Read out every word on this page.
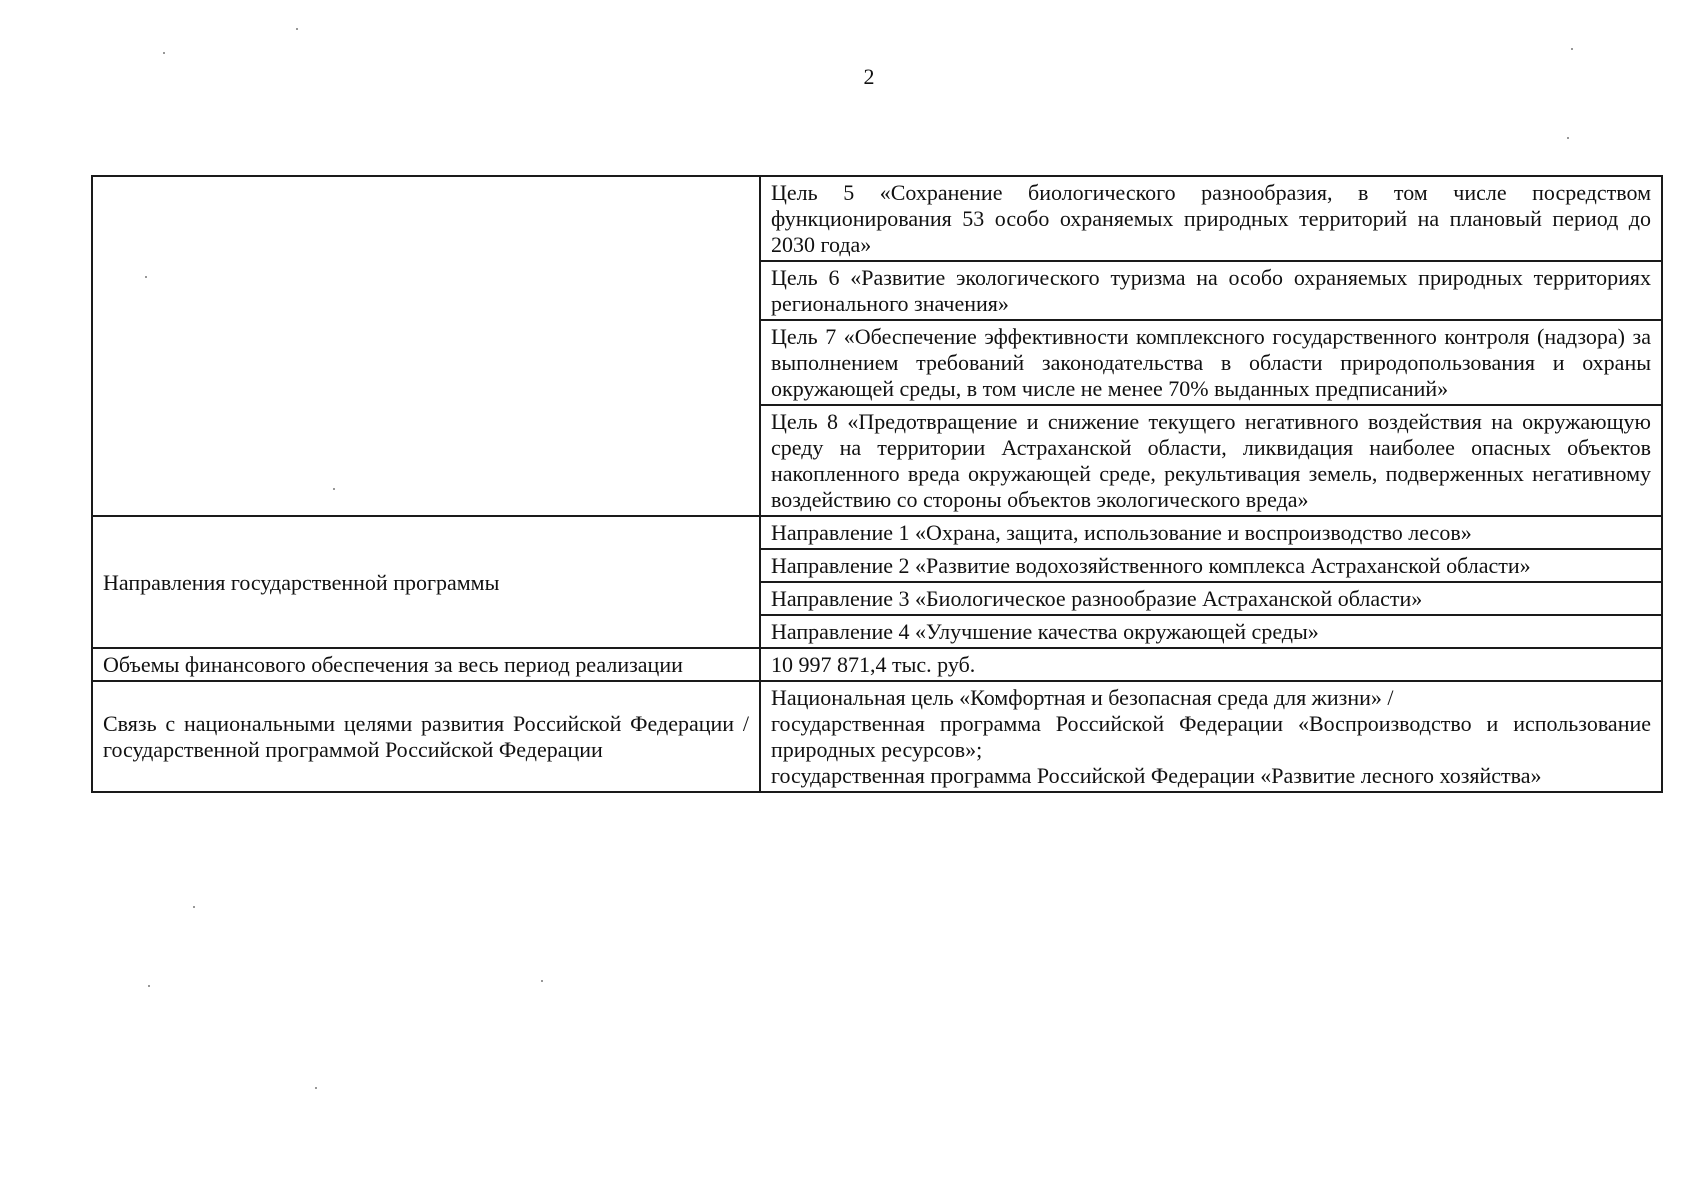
2
	Цель 5 «Сохранение биологического разнообразия, в том числе посредством функционирования 53 особо охраняемых природных территорий на плановый период до 2030 года»
	Цель 6 «Развитие экологического туризма на особо охраняемых природных территориях регионального значения»
	Цель 7 «Обеспечение эффективности комплексного государственного контроля (надзора) за выполнением требований законодательства в области природопользования и охраны окружающей среды, в том числе не менее 70% выданных предписаний»
	Цель 8 «Предотвращение и снижение текущего негативного воздействия на окружающую среду на территории Астраханской области, ликвидация наиболее опасных объектов накопленного вреда окружающей среде, рекультивация земель, подверженных негативному воздействию со стороны объектов экологического вреда»
Направления государственной программы	Направление 1 «Охрана, защита, использование и воспроизводство лесов»
	Направление 2 «Развитие водохозяйственного комплекса Астраханской области»
	Направление 3 «Биологическое разнообразие Астраханской области»
	Направление 4 «Улучшение качества окружающей среды»
Объемы финансового обеспечения за весь период реализации	10 997 871,4 тыс. руб.
Связь с национальными целями развития Российской Федерации / государственной программой Российской Федерации	Национальная цель «Комфортная и безопасная среда для жизни» /
государственная программа Российской Федерации «Воспроизводство и использование природных ресурсов»;
государственная программа Российской Федерации «Развитие лесного хозяйства»
